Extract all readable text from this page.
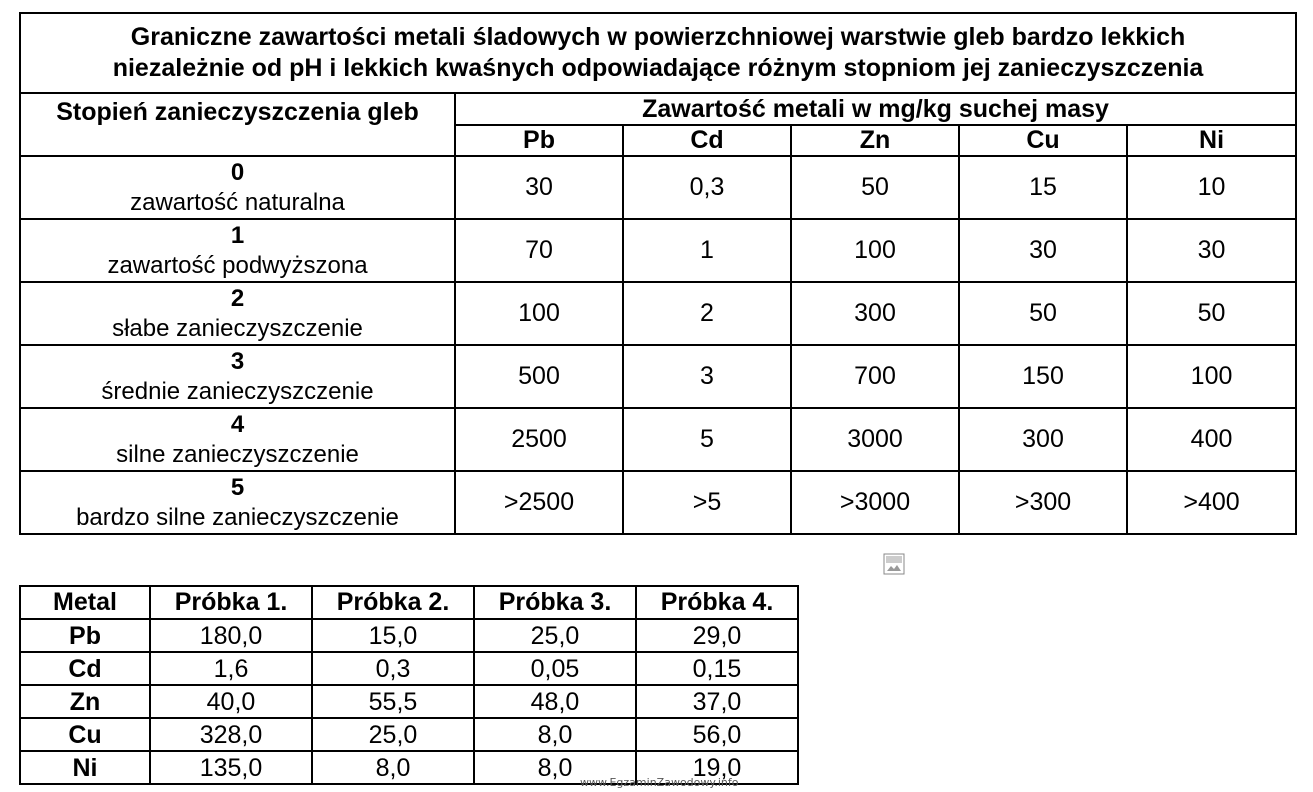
Graniczne zawartości metali śladowych w powierzchniowej warstwie gleb bardzo lekkich
niezależnie od pH i lekkich kwaśnych odpowiadające różnym stopniom jej zanieczyszczenia					

Stopień zanieczyszczenia gleb	Zawartość metali w mg/kg suchej masy				
	Pb	Cd	Zn	Cu	Ni

0
zawartość naturalna	30	0,3	50	15	10

1
zawartość podwyższona	70	1	100	30	30

2
słabe zanieczyszczenie	100	2	300	50	50

3
średnie zanieczyszczenie	500	3	700	150	100

4
silne zanieczyszczenie	2500	5	3000	300	400

5
bardzo silne zanieczyszczenie	>2500	>5	>3000	>300	>400
Metal	Próbka 1.	Próbka 2.	Próbka 3.	Próbka 4.
Pb	180,0	15,0	25,0	29,0
Cd	1,6	0,3	0,05	0,15
Zn	40,0	55,5	48,0	37,0
Cu	328,0	25,0	8,0	56,0
Ni	135,0	8,0	8,0	19,0
www.EgzaminZawodowy.info
